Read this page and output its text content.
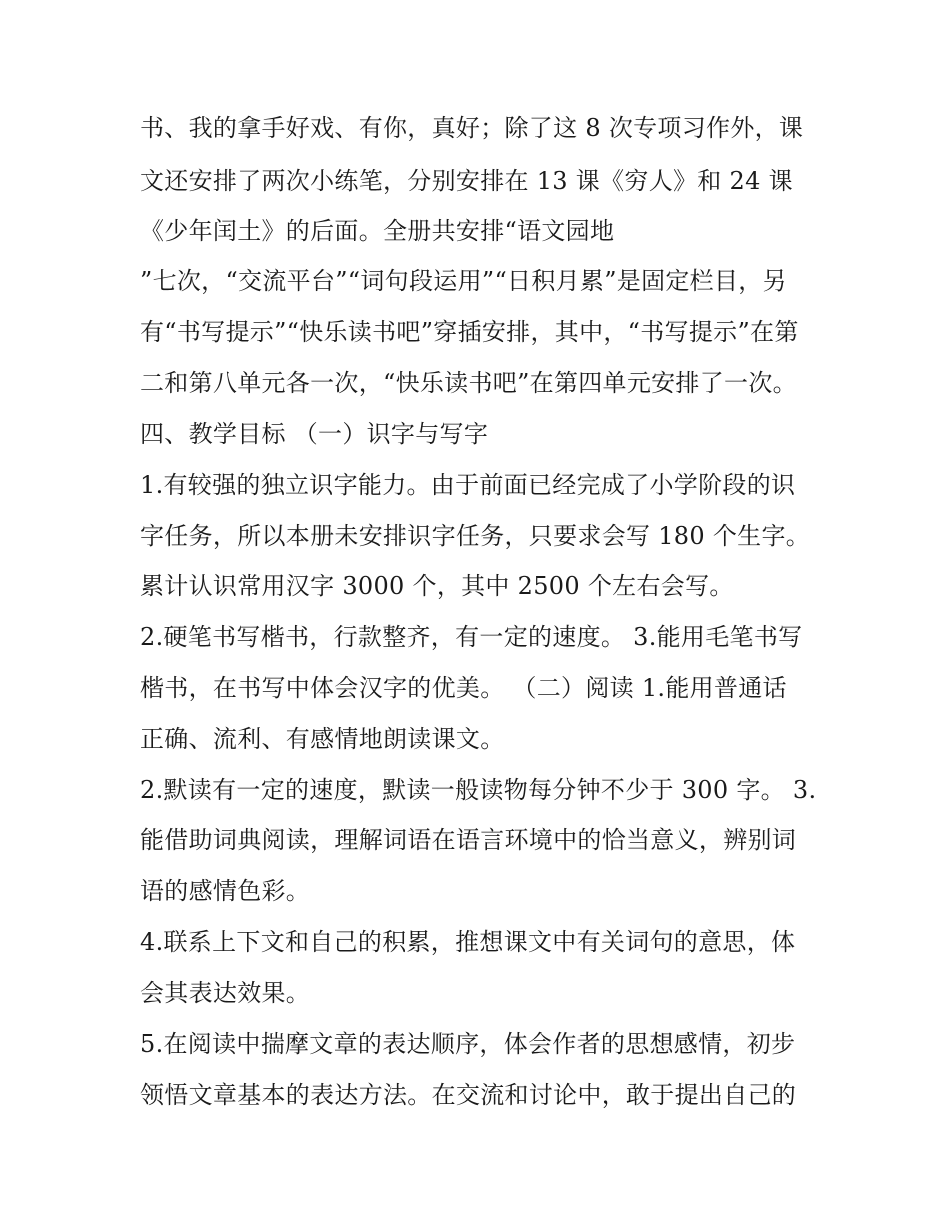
书、我的拿手好戏、有你，真好；除了这 8 次专项习作外，课
文还安排了两次小练笔，分别安排在 13 课《穷人》和 24 课
《少年闰土》的后面。全册共安排“语文园地
”七次，“交流平台”“词句段运用”“日积月累”是固定栏目，另
有“书写提示”“快乐读书吧”穿插安排，其中，“书写提示”在第
二和第八单元各一次，“快乐读书吧”在第四单元安排了一次。
四、教学目标 （一）识字与写字
1.有较强的独立识字能力。由于前面已经完成了小学阶段的识
字任务，所以本册未安排识字任务，只要求会写 180 个生字。
累计认识常用汉字 3000 个，其中 2500 个左右会写。
2.硬笔书写楷书，行款整齐，有一定的速度。 3.能用毛笔书写
楷书，在书写中体会汉字的优美。 （二）阅读 1.能用普通话
正确、流利、有感情地朗读课文。
2.默读有一定的速度，默读一般读物每分钟不少于 300 字。 3.
能借助词典阅读，理解词语在语言环境中的恰当意义，辨别词
语的感情色彩。
4.联系上下文和自己的积累，推想课文中有关词句的意思，体
会其表达效果。
5.在阅读中揣摩文章的表达顺序，体会作者的思想感情，初步
领悟文章基本的表达方法。在交流和讨论中，敢于提出自己的
